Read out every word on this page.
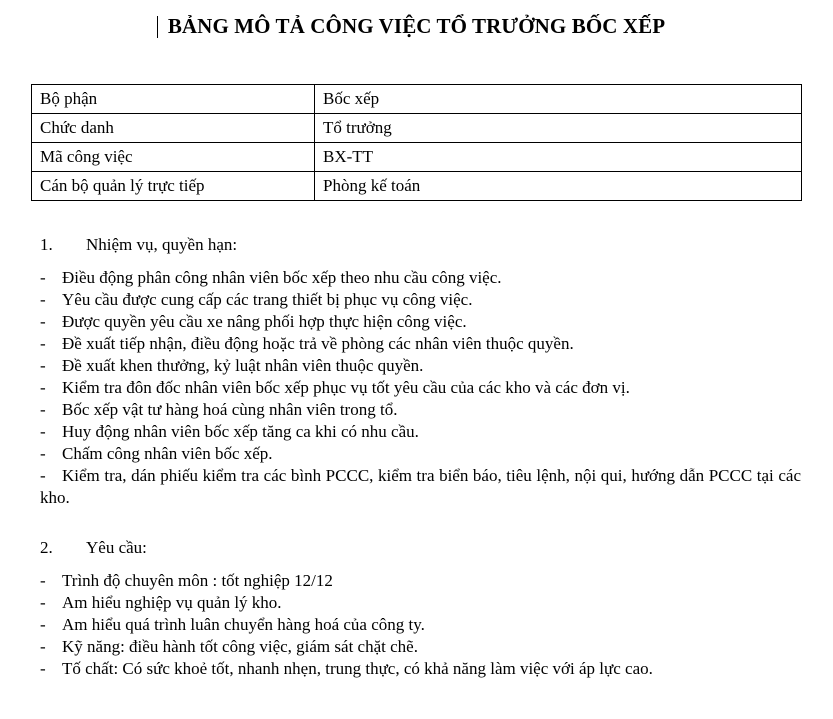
BẢNG MÔ TẢ CÔNG VIỆC TỔ TRƯỞNG BỐC XẾP
Bộ phận	Bốc xếp
Chức danh	Tổ trưởng
Mã công việc	BX-TT
Cán bộ quản lý trực tiếp	Phòng kế toán
1. Nhiệm vụ, quyền hạn:
- Điều động phân công nhân viên bốc xếp theo nhu cầu công việc.
- Yêu cầu được cung cấp các trang thiết bị phục vụ công việc.
- Được quyền yêu cầu xe nâng phối hợp thực hiện công việc.
- Đề xuất tiếp nhận, điều động hoặc trả về phòng các nhân viên thuộc quyền.
- Đề xuất khen thưởng, kỷ luật nhân viên thuộc quyền.
- Kiểm tra đôn đốc nhân viên bốc xếp phục vụ tốt yêu cầu của các kho và các đơn vị.
- Bốc xếp vật tư hàng hoá cùng nhân viên trong tổ.
- Huy động nhân viên bốc xếp tăng ca khi có nhu cầu.
- Chấm công nhân viên bốc xếp.
- Kiểm tra, dán phiếu kiểm tra các bình PCCC, kiểm tra biển báo, tiêu lệnh, nội qui, hướng dẫn PCCC tại các kho.
2. Yêu cầu:
- Trình độ chuyên môn : tốt nghiệp 12/12
- Am hiểu nghiệp vụ quản lý kho.
- Am hiểu quá trình luân chuyển hàng hoá của công ty.
- Kỹ năng: điều hành tốt công việc, giám sát chặt chẽ.
- Tố chất: Có sức khoẻ tốt, nhanh nhẹn, trung thực, có khả năng làm việc với áp lực cao.
